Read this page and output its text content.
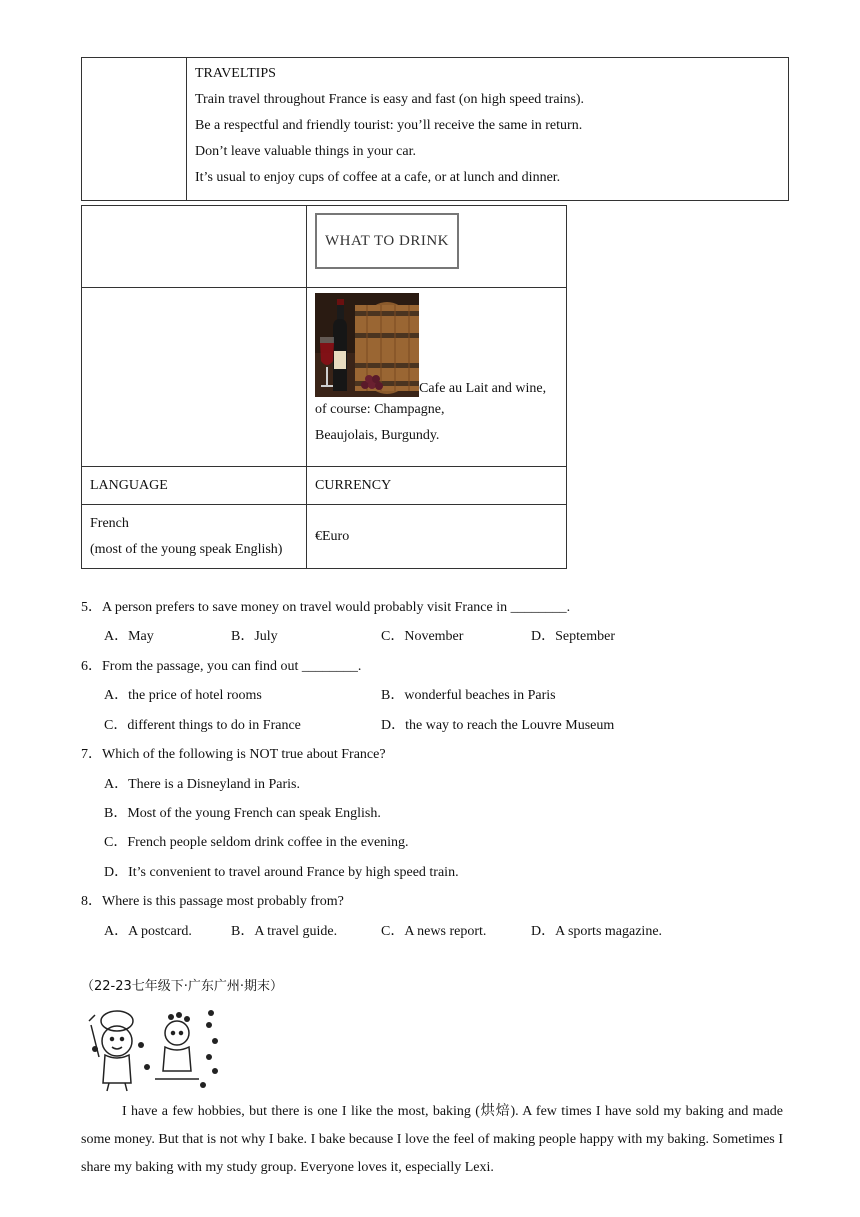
TRAVELTIPS
Train travel throughout France is easy and fast (on high speed trains).
Be a respectful and friendly tourist: you’ll receive the same in return.
Don’t leave valuable things in your car.
It’s usual to enjoy cups of coffee at a cafe, or at lunch and dinner.

	WHAT TO DRINK

	Cafe au Lait and wine,
of course: Champagne,
Beaujolais, Burgundy.

LANGUAGE	CURRENCY

French
(most of the young speak English)	€Euro
5．A person prefers to save money on travel would probably visit France in ________.
A．May	B．July	C．November	D．September
6．From the passage, you can find out ________.
A．the price of hotel rooms	B．wonderful beaches in Paris
C．different things to do in France	D．the way to reach the Louvre Museum
7．Which of the following is NOT true about France?
A．There is a Disneyland in Paris.
B．Most of the young French can speak English.
C．French people seldom drink coffee in the evening.
D．It’s convenient to travel around France by high speed train.
8．Where is this passage most probably from?
A．A postcard.	B．A travel guide.	C．A news report.	D．A sports magazine.
（22-23七年级下·广东广州·期末）
I have a few hobbies, but there is one I like the most, baking (烘焙). A few times I have sold my baking and made some money. But that is not why I bake. I bake because I love the feel of making people happy with my baking. Sometimes I share my baking with my study group. Everyone loves it, especially Lexi.
